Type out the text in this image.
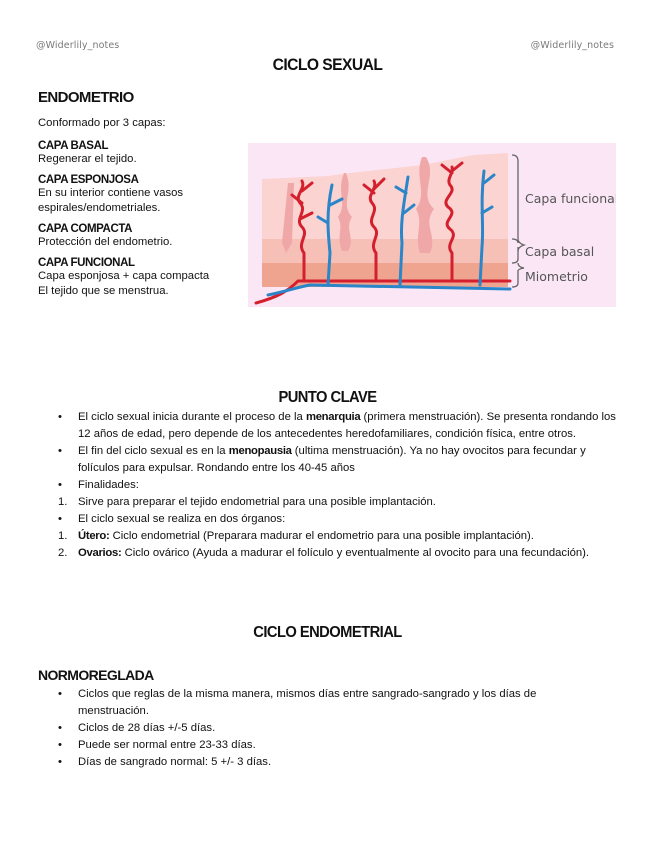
@Widerlily_notes	@Widerlily_notes
CICLO SEXUAL
ENDOMETRIO
Conformado por 3 capas:
CAPA BASAL
Regenerar el tejido.
CAPA ESPONJOSA
En su interior contiene vasos
espirales/endometriales.
CAPA COMPACTA
Protección del endometrio.
CAPA FUNCIONAL
Capa esponjosa + capa compacta
El tejido que se menstrua.
Capa funcional
Capa basal
Miometrio
PUNTO CLAVE
• El ciclo sexual inicia durante el proceso de la menarquia (primera menstruación). Se presenta rondando los 12 años de edad, pero depende de los antecedentes heredofamiliares, condición física, entre otros.
• El fin del ciclo sexual es en la menopausia (ultima menstruación). Ya no hay ovocitos para fecundar y folículos para expulsar. Rondando entre los 40-45 años
• Finalidades:
1. Sirve para preparar el tejido endometrial para una posible implantación.
• El ciclo sexual se realiza en dos órganos:
1. Útero: Ciclo endometrial (Preparara madurar el endometrio para una posible implantación).
2. Ovarios: Ciclo ovárico (Ayuda a madurar el folículo y eventualmente al ovocito para una fecundación).
CICLO ENDOMETRIAL
NORMOREGLADA
• Ciclos que reglas de la misma manera, mismos días entre sangrado-sangrado y los días de menstruación.
• Ciclos de 28 días +/-5 días.
• Puede ser normal entre 23-33 días.
• Días de sangrado normal: 5 +/- 3 días.
